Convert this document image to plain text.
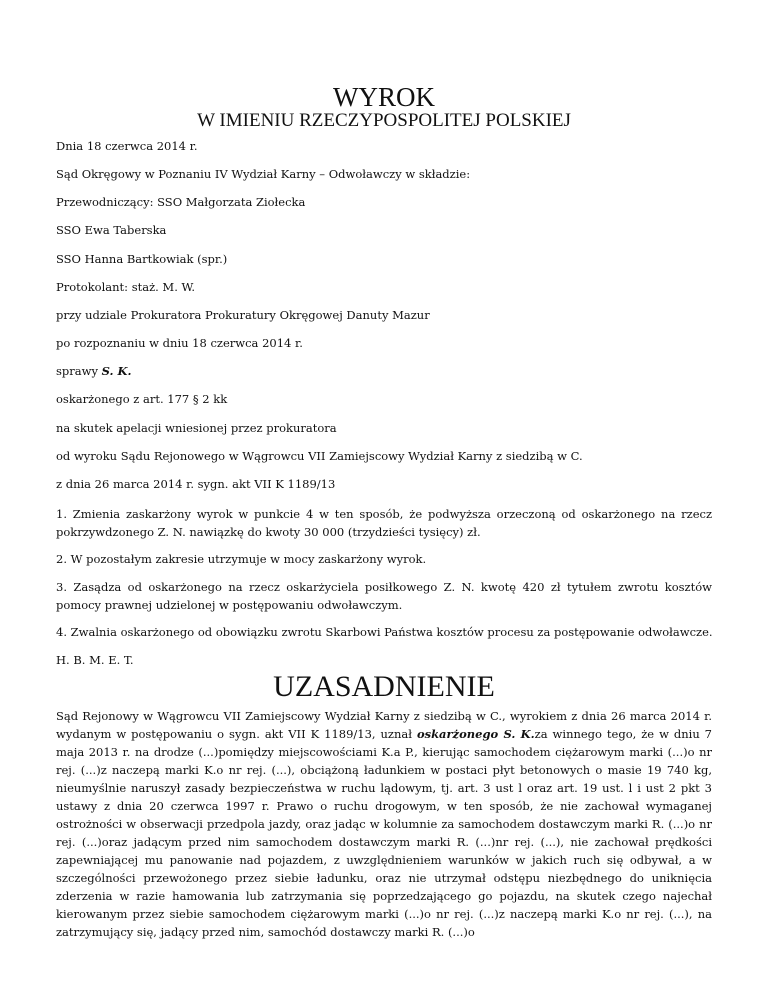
WYROK
W IMIENIU RZECZYPOSPOLITEJ POLSKIEJ

Dnia 18 czerwca 2014 r.

Sąd Okręgowy w Poznaniu IV Wydział Karny – Odwoławczy w składzie:

Przewodniczący: SSO Małgorzata Ziołecka

SSO Ewa Taberska

SSO Hanna Bartkowiak (spr.)

Protokolant: staż. M. W.

przy udziale Prokuratora Prokuratury Okręgowej Danuty Mazur

po rozpoznaniu w dniu 18 czerwca 2014 r.

sprawy S. K.

oskarżonego z art. 177 § 2 kk

na skutek apelacji wniesionej przez prokuratora

od wyroku Sądu Rejonowego w Wągrowcu VII Zamiejscowy Wydział Karny z siedzibą w C.

z dnia 26 marca 2014 r. sygn. akt VII K 1189/13

1. Zmienia zaskarżony wyrok w punkcie 4 w ten sposób, że podwyższa orzeczoną od oskarżonego na rzecz pokrzywdzonego Z. N. nawiązkę do kwoty 30 000 (trzydzieści tysięcy) zł.

2. W pozostałym zakresie utrzymuje w mocy zaskarżony wyrok.

3. Zasądza od oskarżonego na rzecz oskarżyciela posiłkowego Z. N. kwotę 420 zł tytułem zwrotu kosztów pomocy prawnej udzielonej w postępowaniu odwoławczym.

4. Zwalnia oskarżonego od obowiązku zwrotu Skarbowi Państwa kosztów procesu za postępowanie odwoławcze.

H. B. M. E. T.

UZASADNIENIE

Sąd Rejonowy w Wągrowcu VII Zamiejscowy Wydział Karny z siedzibą w C., wyrokiem z dnia 26 marca 2014 r. wydanym w postępowaniu o sygn. akt VII K 1189/13, uznał oskarżonego S. K.za winnego tego, że w dniu 7 maja 2013 r. na drodze (...)pomiędzy miejscowościami K.a P., kierując samochodem ciężarowym marki (...)o nr rej. (...)z naczepą marki K.o nr rej. (...), obciążoną ładunkiem w postaci płyt betonowych o masie 19 740 kg, nieumyślnie naruszył zasady bezpieczeństwa w ruchu lądowym, tj. art. 3 ust l oraz art. 19 ust. l i ust 2 pkt 3 ustawy z dnia 20 czerwca 1997 r. Prawo o ruchu drogowym, w ten sposób, że nie zachował wymaganej ostrożności w obserwacji przedpola jazdy, oraz jadąc w kolumnie za samochodem dostawczym marki R. (...)o nr rej. (...)oraz jadącym przed nim samochodem dostawczym marki R. (...)nr rej. (...), nie zachował prędkości zapewniającej mu panowanie nad pojazdem, z uwzględnieniem warunków w jakich ruch się odbywał, a w szczególności przewożonego przez siebie ładunku, oraz nie utrzymał odstępu niezbędnego do uniknięcia zderzenia w razie hamowania lub zatrzymania się poprzedzającego go pojazdu, na skutek czego najechał kierowanym przez siebie samochodem ciężarowym marki (...)o nr rej. (...)z naczepą marki K.o nr rej. (...), na zatrzymujący się, jadący przed nim, samochód dostawczy marki R. (...)o
